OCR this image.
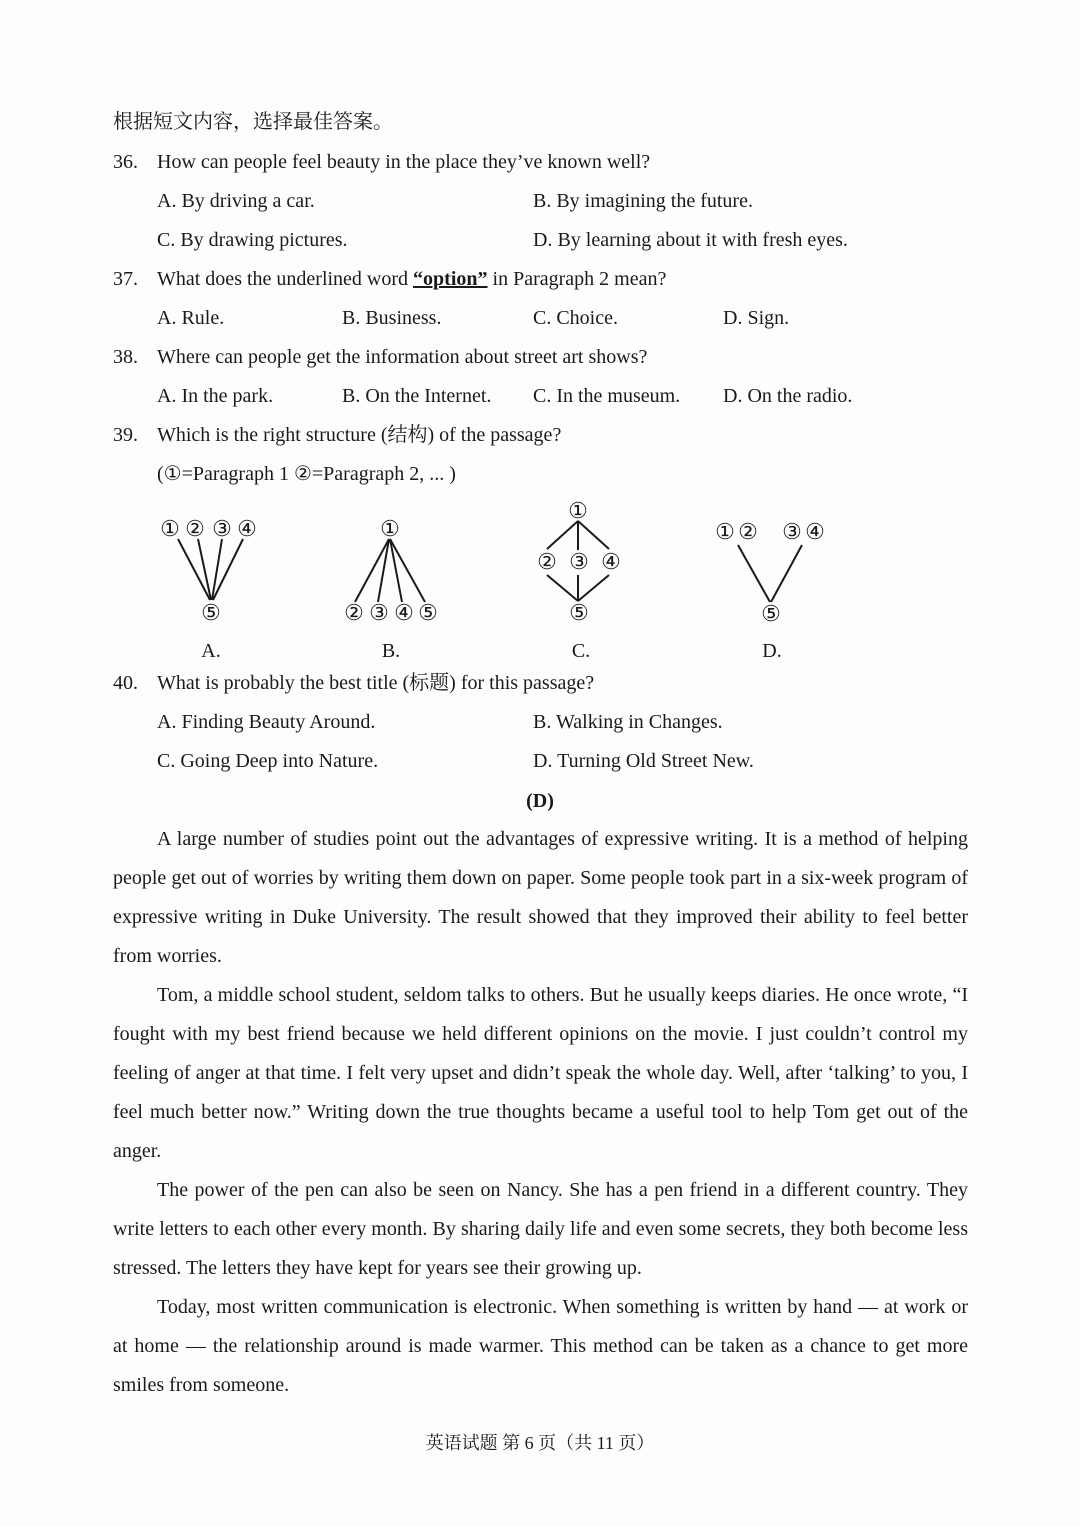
根据短文内容，选择最佳答案。
36. How can people feel beauty in the place they’ve known well?
A. By driving a car.	B. By imagining the future.
C. By drawing pictures.	D. By learning about it with fresh eyes.
37. What does the underlined word “option” in Paragraph 2 mean?
A. Rule.	B. Business.	C. Choice.	D. Sign.
38. Where can people get the information about street art shows?
A. In the park.	B. On the Internet. C. In the museum. D. On the radio.
39. Which is the right structure (结构) of the passage?
(①=Paragraph 1 ②=Paragraph 2, ... )
① ② ③ ④
⑤
①
② ③ ④ ⑤
①
② ③ ④
⑤
① ② ③ ④
⑤
A.	B.	C.	D.
40. What is probably the best title (标题) for this passage?
A. Finding Beauty Around.	B. Walking in Changes.
C. Going Deep into Nature.	D. Turning Old Street New.
(D)
A large number of studies point out the advantages of expressive writing. It is a method of helping people get out of worries by writing them down on paper. Some people took part in a six-week program of expressive writing in Duke University. The result showed that they improved their ability to feel better from worries.
Tom, a middle school student, seldom talks to others. But he usually keeps diaries. He once wrote, “I fought with my best friend because we held different opinions on the movie. I just couldn’t control my feeling of anger at that time. I felt very upset and didn’t speak the whole day. Well, after ‘talking’ to you, I feel much better now.” Writing down the true thoughts became a useful tool to help Tom get out of the anger.
The power of the pen can also be seen on Nancy. She has a pen friend in a different country. They write letters to each other every month. By sharing daily life and even some secrets, they both become less stressed. The letters they have kept for years see their growing up.
Today, most written communication is electronic. When something is written by hand — at work or at home — the relationship around is made warmer. This method can be taken as a chance to get more smiles from someone.
英语试题 第 6 页（共 11 页）
